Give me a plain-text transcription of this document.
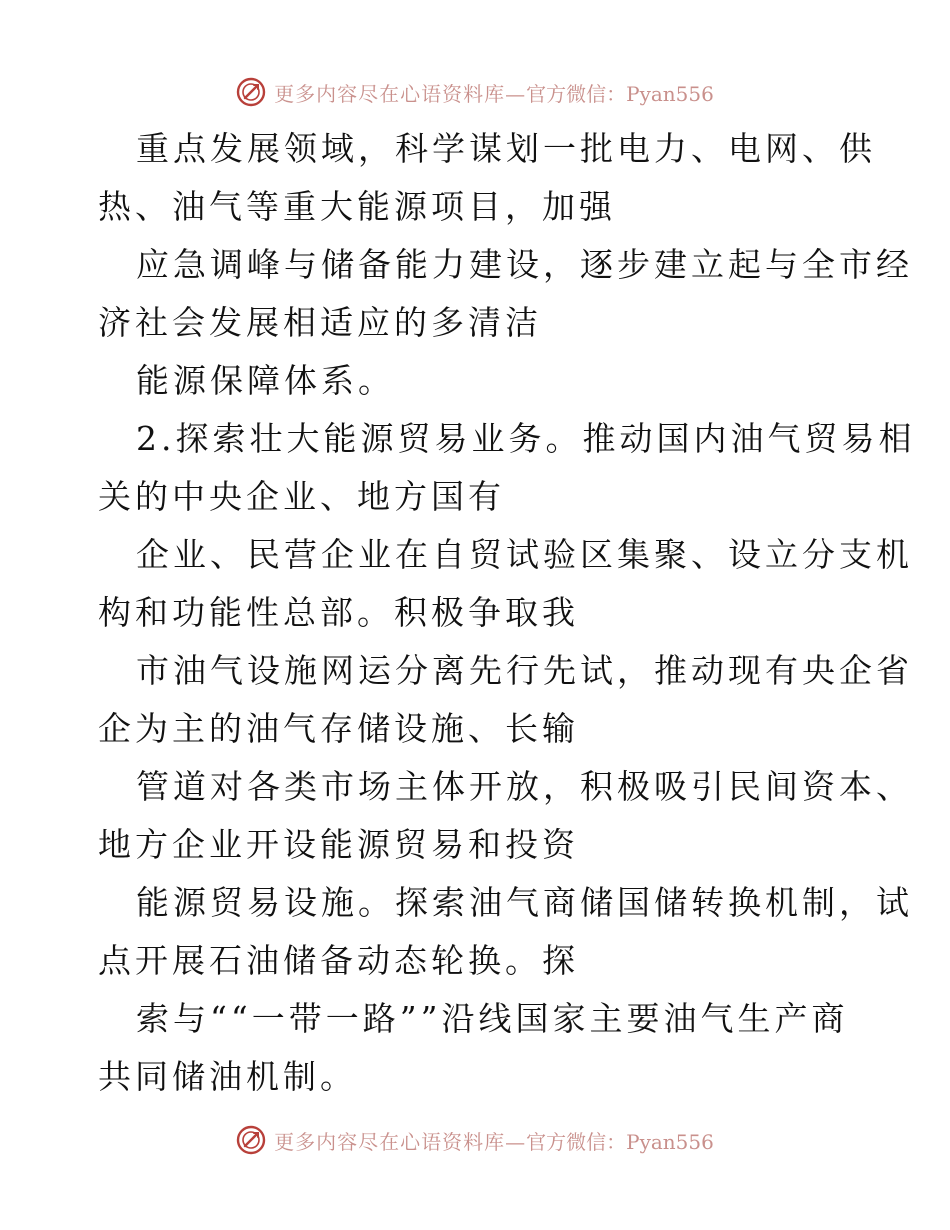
更多内容尽在心语资料库— 官方微信：Pyan556
重点发展领域，科学谋划一批电力、电网、供
热、油气等重大能源项目，加强
应急调峰与储备能力建设，逐步建立起与全市经
济社会发展相适应的多清洁
能源保障体系。
2.探索壮大能源贸易业务。推动国内油气贸易相
关的中央企业、地方国有
企业、民营企业在自贸试验区集聚、设立分支机
构和功能性总部。积极争取我
市油气设施网运分离先行先试，推动现有央企省
企为主的油气存储设施、长输
管道对各类市场主体开放，积极吸引民间资本、
地方企业开设能源贸易和投资
能源贸易设施。探索油气商储国储转换机制，试
点开展石油储备动态轮换。探
索与““一带一路””沿线国家主要油气生产商
共同储油机制。
更多内容尽在心语资料库— 官方微信：Pyan556
